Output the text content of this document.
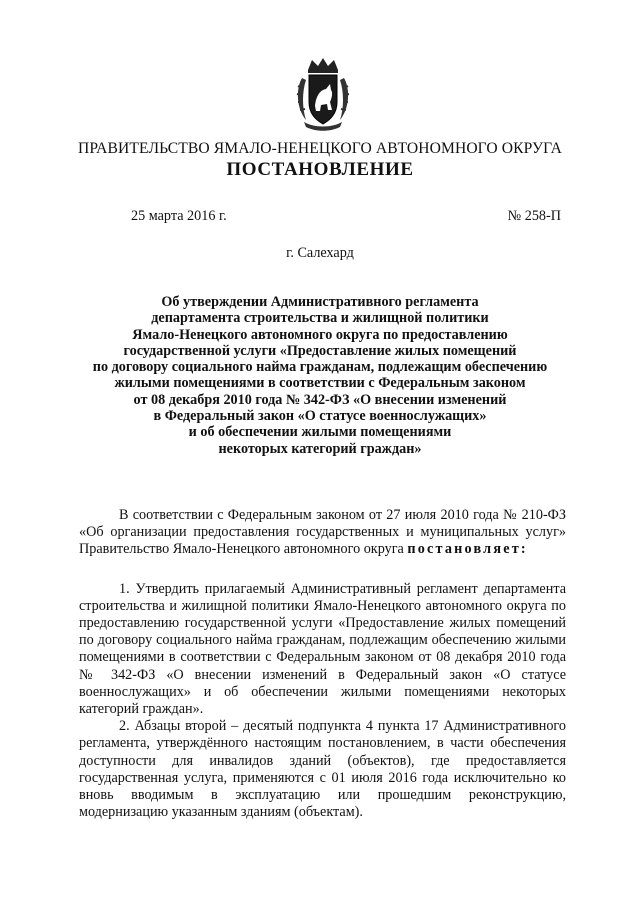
ПРАВИТЕЛЬСТВО ЯМАЛО-НЕНЕЦКОГО АВТОНОМНОГО ОКРУГА
ПОСТАНОВЛЕНИЕ
25 марта 2016 г.	№ 258-П
г. Салехард
Об утверждении Административного регламента
департамента строительства и жилищной политики
Ямало-Ненецкого автономного округа по предоставлению
государственной услуги «Предоставление жилых помещений
по договору социального найма гражданам, подлежащим обеспечению
жилыми помещениями в соответствии с Федеральным законом
от 08 декабря 2010 года № 342-ФЗ «О внесении изменений
в Федеральный закон «О статусе военнослужащих»
и об обеспечении жилыми помещениями
некоторых категорий граждан»

В соответствии с Федеральным законом от 27 июля 2010 года № 210-ФЗ «Об организации предоставления государственных и муниципальных услуг» Правительство Ямало-Ненецкого автономного округа постановляет:

1. Утвердить прилагаемый Административный регламент департамента строительства и жилищной политики Ямало-Ненецкого автономного округа по предоставлению государственной услуги «Предоставление жилых помещений по договору социального найма гражданам, подлежащим обеспечению жилыми помещениями в соответствии с Федеральным законом от 08 декабря 2010 года № 342-ФЗ «О внесении изменений в Федеральный закон «О статусе военнослужащих» и об обеспечении жилыми помещениями некоторых категорий граждан».

2. Абзацы второй – десятый подпункта 4 пункта 17 Административного регламента, утверждённого настоящим постановлением, в части обеспечения доступности для инвалидов зданий (объектов), где предоставляется государственная услуга, применяются с 01 июля 2016 года исключительно ко вновь вводимым в эксплуатацию или прошедшим реконструкцию, модернизацию указанным зданиям (объектам).
